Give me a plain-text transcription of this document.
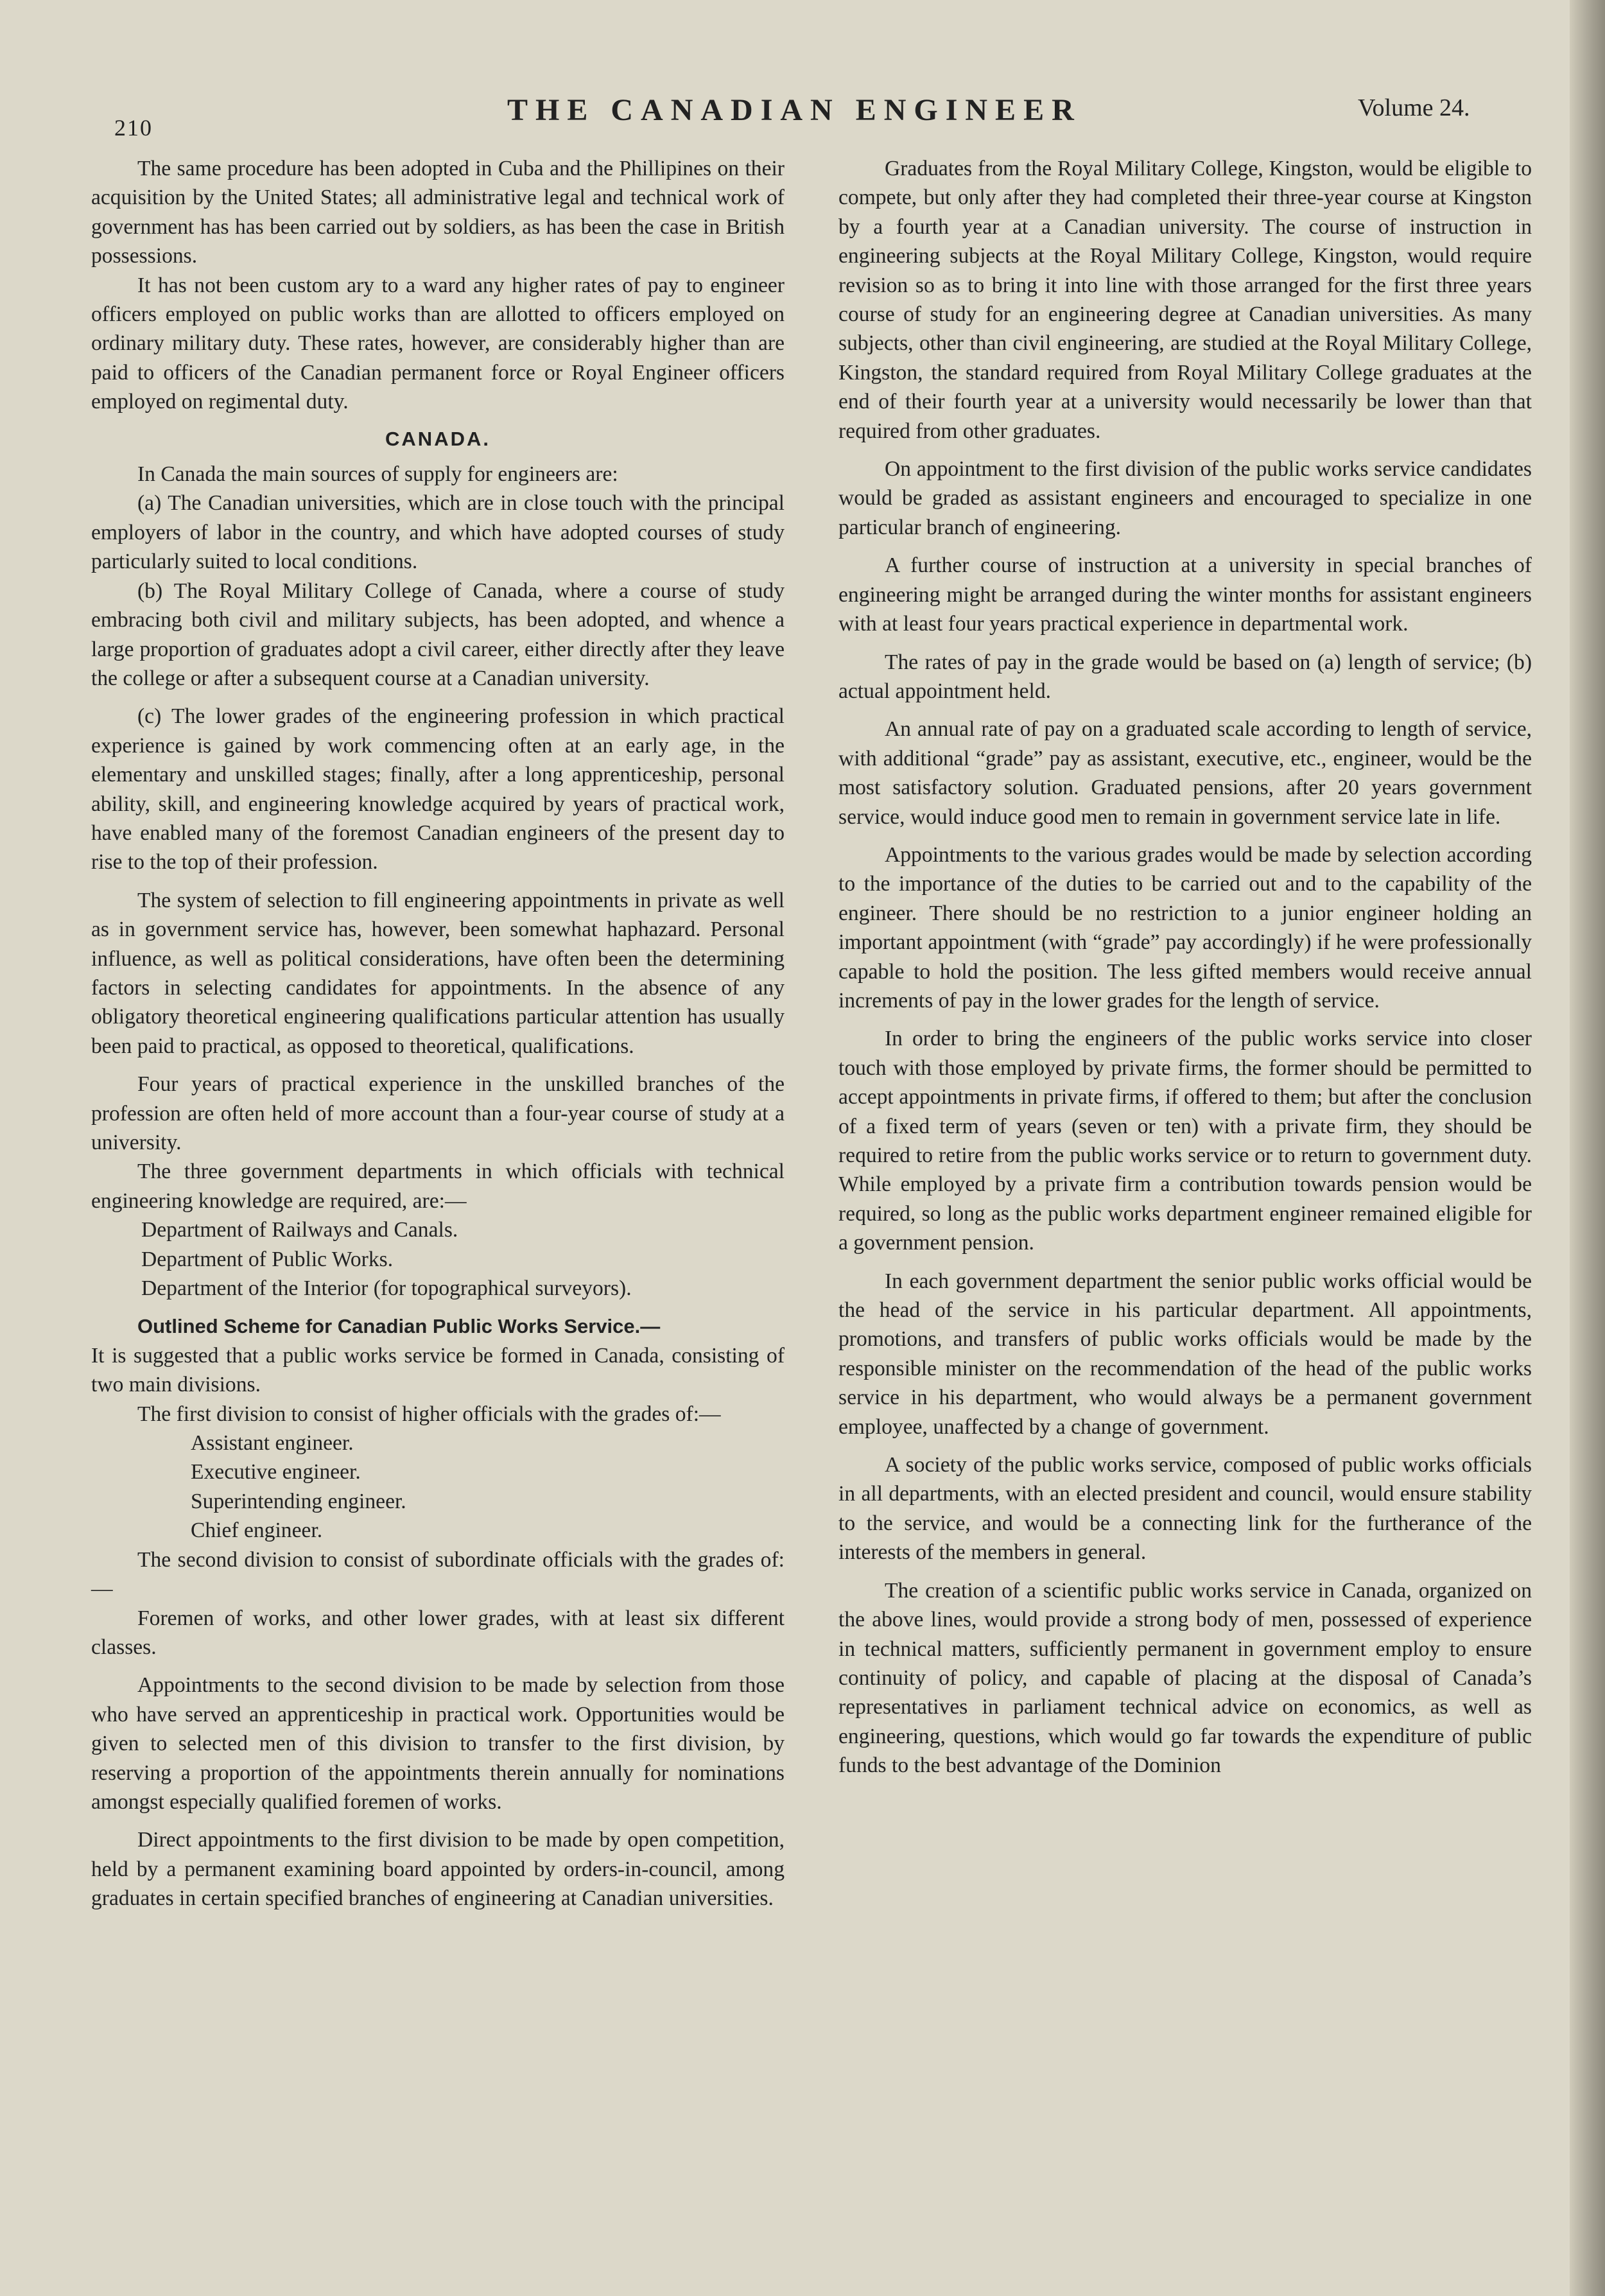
210
THE CANADIAN ENGINEER	Volume 24.

The same procedure has been adopted in Cuba and the Phillipines on their acquisition by the United States; all administrative legal and technical work of government has has been carried out by soldiers, as has been the case in British possessions.

It has not been custom ary to a ward any higher rates of pay to engineer officers employed on public works than are allotted to officers employed on ordinary military duty. These rates, however, are considerably higher than are paid to officers of the Canadian permanent force or Royal Engineer officers employed on regimental duty.

CANADA.

In Canada the main sources of supply for engineers are:

(a) The Canadian universities, which are in close touch with the principal employers of labor in the country, and which have adopted courses of study particularly suited to local conditions.

(b) The Royal Military College of Canada, where a course of study embracing both civil and military subjects, has been adopted, and whence a large proportion of graduates adopt a civil career, either directly after they leave the college or after a subsequent course at a Canadian university.

(c) The lower grades of the engineering profession in which practical experience is gained by work commencing often at an early age, in the elementary and unskilled stages; finally, after a long apprenticeship, personal ability, skill, and engineering knowledge acquired by years of practical work, have enabled many of the foremost Canadian engineers of the present day to rise to the top of their profession.

The system of selection to fill engineering appointments in private as well as in government service has, however, been somewhat haphazard. Personal influence, as well as political considerations, have often been the determining factors in selecting candidates for appointments. In the absence of any obligatory theoretical engineering qualifications particular attention has usually been paid to practical, as opposed to theoretical, qualifications.

Four years of practical experience in the unskilled branches of the profession are often held of more account than a four-year course of study at a university.

The three government departments in which officials with technical engineering knowledge are required, are:—

Department of Railways and Canals.

Department of Public Works.

Department of the Interior (for topographical surveyors).

Outlined Scheme for Canadian Public Works Service.—

It is suggested that a public works service be formed in Canada, consisting of two main divisions.

The first division to consist of higher officials with the grades of:—

Assistant engineer.

Executive engineer.

Superintending engineer.

Chief engineer.

The second division to consist of subordinate officials with the grades of:—

Foremen of works, and other lower grades, with at least six different classes.

Appointments to the second division to be made by selection from those who have served an apprenticeship in practical work. Opportunities would be given to selected men of this division to transfer to the first division, by reserving a proportion of the appointments therein annually for nominations amongst especially qualified foremen of works.

Direct appointments to the first division to be made by open competition, held by a permanent examining board appointed by orders-in-council, among graduates in certain specified branches of engineering at Canadian universities.

Graduates from the Royal Military College, Kingston, would be eligible to compete, but only after they had completed their three-year course at Kingston by a fourth year at a Canadian university. The course of instruction in engineering subjects at the Royal Military College, Kingston, would require revision so as to bring it into line with those arranged for the first three years course of study for an engineering degree at Canadian universities. As many subjects, other than civil engineering, are studied at the Royal Military College, Kingston, the standard required from Royal Military College graduates at the end of their fourth year at a university would necessarily be lower than that required from other graduates.

On appointment to the first division of the public works service candidates would be graded as assistant engineers and encouraged to specialize in one particular branch of engineering.

A further course of instruction at a university in special branches of engineering might be arranged during the winter months for assistant engineers with at least four years practical experience in departmental work.

The rates of pay in the grade would be based on (a) length of service; (b) actual appointment held.

An annual rate of pay on a graduated scale according to length of service, with additional “grade” pay as assistant, executive, etc., engineer, would be the most satisfactory solution. Graduated pensions, after 20 years government service, would induce good men to remain in government service late in life.

Appointments to the various grades would be made by selection according to the importance of the duties to be carried out and to the capability of the engineer. There should be no restriction to a junior engineer holding an important appointment (with “grade” pay accordingly) if he were professionally capable to hold the position. The less gifted members would receive annual increments of pay in the lower grades for the length of service.

In order to bring the engineers of the public works service into closer touch with those employed by private firms, the former should be permitted to accept appointments in private firms, if offered to them; but after the conclusion of a fixed term of years (seven or ten) with a private firm, they should be required to retire from the public works service or to return to government duty. While employed by a private firm a contribution towards pension would be required, so long as the public works department engineer remained eligible for a government pension.

In each government department the senior public works official would be the head of the service in his particular department. All appointments, promotions, and transfers of public works officials would be made by the responsible minister on the recommendation of the head of the public works service in his department, who would always be a permanent government employee, unaffected by a change of government.

A society of the public works service, composed of public works officials in all departments, with an elected president and council, would ensure stability to the service, and would be a connecting link for the furtherance of the interests of the members in general.

The creation of a scientific public works service in Canada, organized on the above lines, would provide a strong body of men, possessed of experience in technical matters, sufficiently permanent in government employ to ensure continuity of policy, and capable of placing at the disposal of Canada’s representatives in parliament technical advice on economics, as well as engineering, questions, which would go far towards the expenditure of public funds to the best advantage of the Dominion
